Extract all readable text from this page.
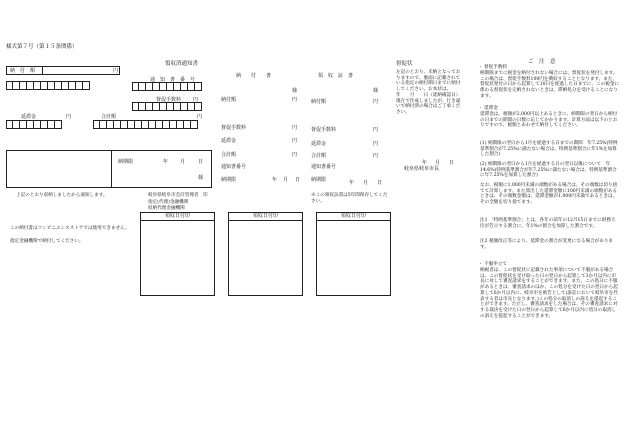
様式第７号（第１５条関係）
領収済通知書
納　付　額	円
通　知　書　番　号
督促手数料 円
延滞金	円	合計額	円
納期限	年 月	日
様
上記のとおり収納しましたから通知します。	岐阜県岐阜市会計管理者 印
指定(代理)金融機関
収納代理金融機関
領収日付印
この納付書はコンビニエンスストアでは使用できません。
指定金融機関で納付してください。
納　　付　　書	領　収　証　書
様
納付額	円
様
納付額	円
督促手数料	円	督促手数料	円
延滞金	円	延滞金	円
合計額	円	合計額	円
通知書番号	通知書番号
年 月 日
岐阜県岐阜市長
納期限	年 月 日 納期限	年 月 日
※この領収証書は5年間保存してください。
領収日付印	領収日付印
督促状
左記のとおり、未納となっておりますので、裏面に記載されている指定の納付期日までに納付してください。お本状は、　　年　　月　　日（延納確認日）現在で作成しましたが、行き違いで納付済の場合はご了承ください。
ご　注　意
・ 督促手数料
納期限までに税金を納付されない場合には、督促状を発付します。この場合は、督促手数料100円を徴収することとなります。また、督促状発付の日から起算して10日を経過した日までに、この税金に係わる督促状を完納されないときは、滞納処分を受けることになります。
・ 延滞金
延滞金は、税額が2,000円以上あるときに、納期限の翌日から納付の日までの期間の日数に応じてかかります。計算方法は以下のとおりですので、税額とあわせて納付してください。
(1) 納期限の翌日から1月を経過する日までの期間　年7.25%(特例基準割合が7.25%に満たない場合は、特例基準割合に年1%を加算した割合)
(2) 納期限の翌日から1月を経過する日の翌日以後について　年14.6%(特例基準割合が年7.25%に満たない場合は、特例基準割合に年7.25%を加算した割合)
なお、税額に1,000円未満の端数がある場合は、その端数は切り捨てて計算します。また算出した延滞金額に100円未満の端数があるときは、その端数金額は、延滞金額が1,000円未満であるときは、その全額を切り捨てます。
注1 「特例基準割合」とは、各年の前年の12月15日までに財務大臣が告示する割合に、年1%の割合を加算した割合です。
注2 税額改正等により、延滞金の割合が変更になる場合があります。
・ 不服申立て
納税者は、この督促状に記載された事項について不服がある場合は、この督促状を受け取った日の翌日から起算して3か月以内に市長に対して審査請求をすることができます。また、この処分に不服があるときは、審査請求のほか、この処分を受けた日の翌日から起算して6か月以内に、岐阜市を被告として(訴訟において岐阜市を代表する者は市長となります。)この処分の取消しの訴えを提起することができます。ただし、審査請求をした場合は、その審査請求に対する裁決を受けた日の翌日から起算して6か月以内に処分の取消しの訴えを提起することができます。
